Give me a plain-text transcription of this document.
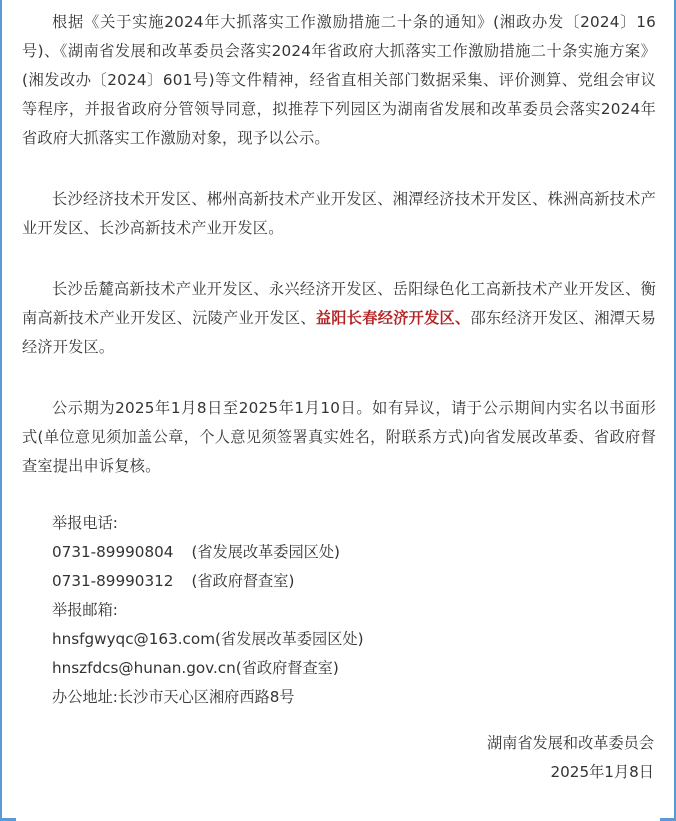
根据《关于实施2024年大抓落实工作激励措施二十条的通知》(湘政办发〔2024〕16号)、《湖南省发展和改革委员会落实2024年省政府大抓落实工作激励措施二十条实施方案》(湘发改办〔2024〕601号)等文件精神，经省直相关部门数据采集、评价测算、党组会审议等程序，并报省政府分管领导同意，拟推荐下列园区为湖南省发展和改革委员会落实2024年省政府大抓落实工作激励对象，现予以公示。

长沙经济技术开发区、郴州高新技术产业开发区、湘潭经济技术开发区、株洲高新技术产业开发区、长沙高新技术产业开发区。

长沙岳麓高新技术产业开发区、永兴经济开发区、岳阳绿色化工高新技术产业开发区、衡南高新技术产业开发区、沅陵产业开发区、益阳长春经济开发区、邵东经济开发区、湘潭天易经济开发区。

公示期为2025年1月8日至2025年1月10日。如有异议，请于公示期间内实名以书面形式(单位意见须加盖公章，个人意见须签署真实姓名，附联系方式)向省发展改革委、省政府督查室提出申诉复核。

举报电话:
0731-89990804 (省发展改革委园区处)
0731-89990312 (省政府督查室)
举报邮箱:
hnsfgwyqc@163.com(省发展改革委园区处)
hnszfdcs@hunan.gov.cn(省政府督查室)
办公地址:长沙市天心区湘府西路8号
湖南省发展和改革委员会
2025年1月8日
